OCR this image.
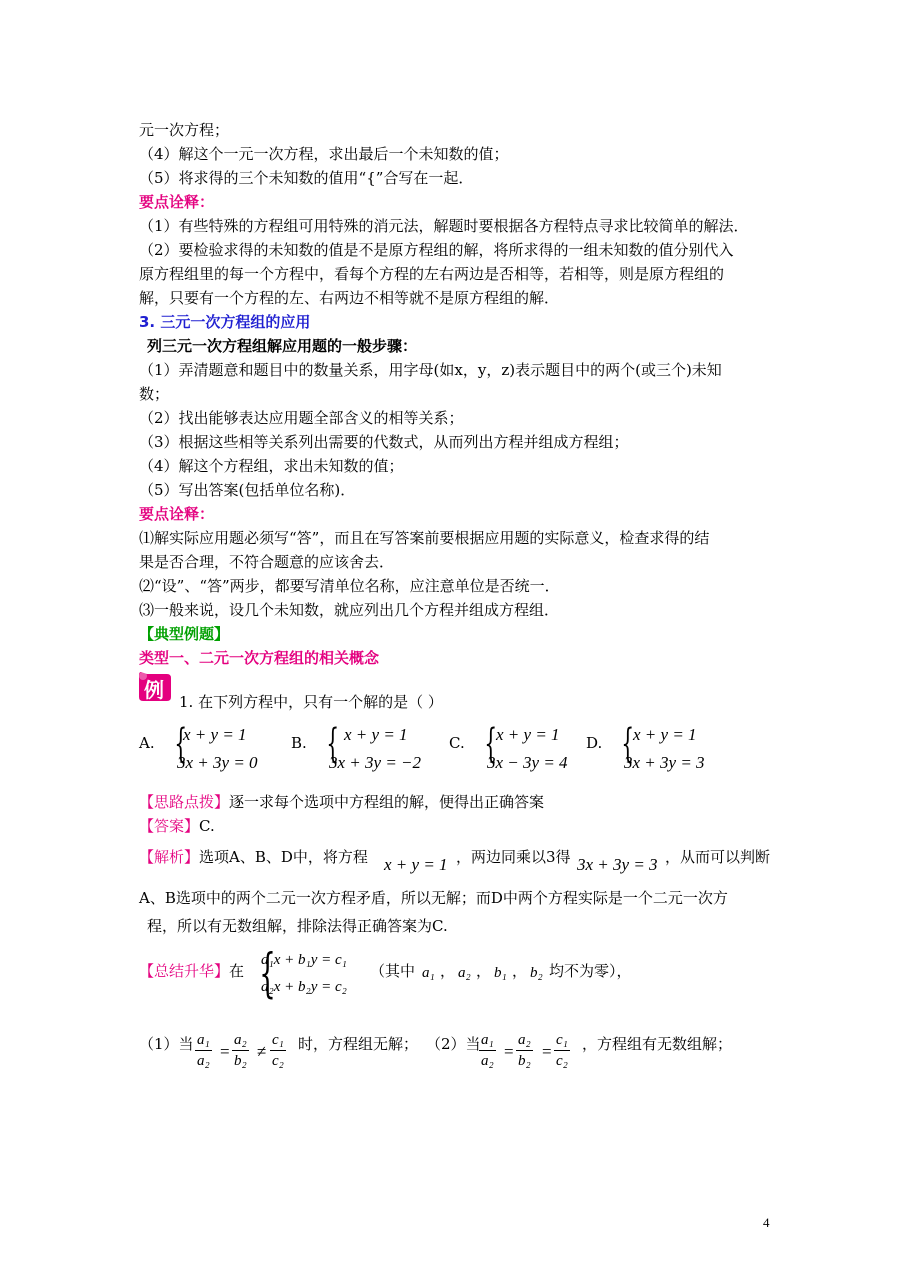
元一次方程；
（4）解这个一元一次方程，求出最后一个未知数的值；
（5）将求得的三个未知数的值用“{”合写在一起．
要点诠释：
（1）有些特殊的方程组可用特殊的消元法，解题时要根据各方程特点寻求比较简单的解法．
（2）要检验求得的未知数的值是不是原方程组的解，将所求得的一组未知数的值分别代入
原方程组里的每一个方程中，看每个方程的左右两边是否相等，若相等，则是原方程组的
解，只要有一个方程的左、右两边不相等就不是原方程组的解．
3. 三元一次方程组的应用
列三元一次方程组解应用题的一般步骤：
（1）弄清题意和题目中的数量关系，用字母(如x，y，z)表示题目中的两个(或三个)未知
数；
（2）找出能够表达应用题全部含义的相等关系；
（3）根据这些相等关系列出需要的代数式，从而列出方程并组成方程组；
（4）解这个方程组，求出未知数的值；
（5）写出答案(包括单位名称)．
要点诠释：
⑴解实际应用题必须写“答”，而且在写答案前要根据应用题的实际意义，检查求得的结
果是否合理，不符合题意的应该舍去．
⑵“设”、“答”两步，都要写清单位名称，应注意单位是否统一．
⑶一般来说，设几个未知数，就应列出几个方程并组成方程组．
【典型例题】
类型一、二元一次方程组的相关概念
例 1. 在下列方程中，只有一个解的是（ ）
A. {
x + y = 1
3x + 3y = 0
B. { x + y = 1
3x + 3y = −2
C. {
x + y = 1
3x − 3y = 4
D. {
x + y = 1
3x + 3y = 3
【思路点拨】逐一求每个选项中方程组的解，便得出正确答案
【答案】C.
【解析】选项A、B、D中，将方程 x + y = 1 ，两边同乘以3得 3x + 3y = 3 ，从而可以判断
A、B选项中的两个二元一次方程矛盾，所以无解；而D中两个方程实际是一个二元一次方
程，所以有无数组解，排除法得正确答案为C.
【总结升华】在 {
a₁x + b₁y = c₁
a₂x + b₂y = c₂
（其中 a₁ ， a₂ ， b₁ ， b₂ 均不为零），
（1）当 $\frac{\text{a₁}}{\text{a₂}} = \frac{\text{a₂}}{\text{b₂}} \ne \frac{\text{c₁}}{\text{c₂}}$ 时，方程组无解； （2）当
$\frac{\text{a₁}}{\text{a₂}} = \frac{\text{a₂}}{\text{b₂}} = \frac{\text{c₁}}{\text{c₂}}$ ，方程组有无数组解；
4
